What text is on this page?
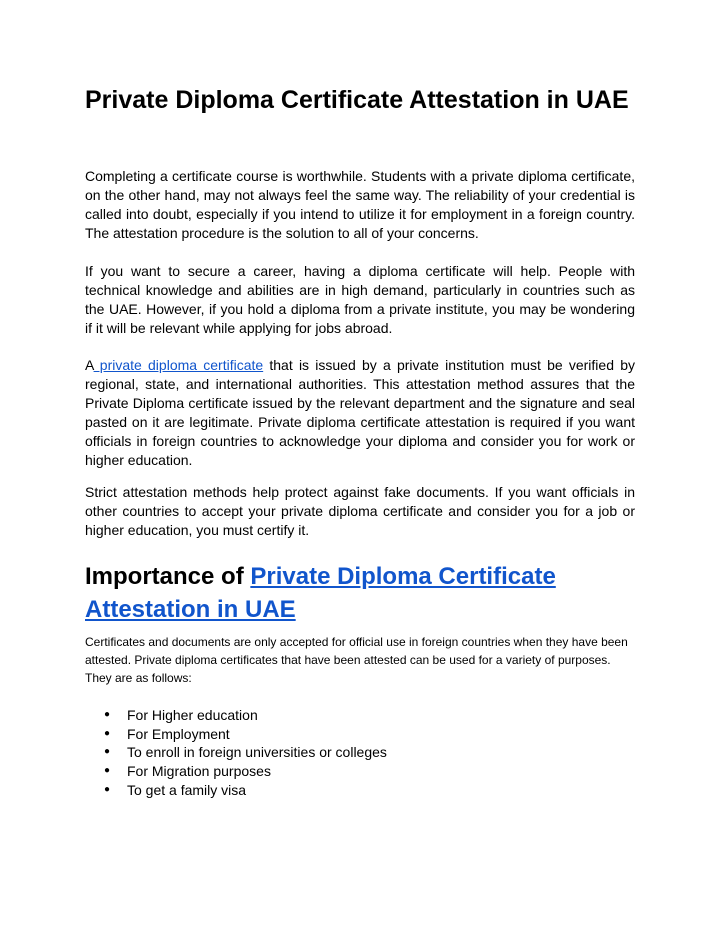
Private Diploma Certificate Attestation in UAE

Completing a certificate course is worthwhile. Students with a private diploma certificate, on the other hand, may not always feel the same way. The reliability of your credential is called into doubt, especially if you intend to utilize it for employment in a foreign country. The attestation procedure is the solution to all of your concerns.

If you want to secure a career, having a diploma certificate will help. People with technical knowledge and abilities are in high demand, particularly in countries such as the UAE. However, if you hold a diploma from a private institute, you may be wondering if it will be relevant while applying for jobs abroad.

A private diploma certificate that is issued by a private institution must be verified by regional, state, and international authorities. This attestation method assures that the Private Diploma certificate issued by the relevant department and the signature and seal pasted on it are legitimate. Private diploma certificate attestation is required if you want officials in foreign countries to acknowledge your diploma and consider you for work or higher education.

Strict attestation methods help protect against fake documents. If you want officials in other countries to accept your private diploma certificate and consider you for a job or higher education, you must certify it.

Importance of Private Diploma Certificate Attestation in UAE

Certificates and documents are only accepted for official use in foreign countries when they have been attested. Private diploma certificates that have been attested can be used for a variety of purposes. They are as follows:

● For Higher education
● For Employment
● To enroll in foreign universities or colleges
● For Migration purposes
● To get a family visa
